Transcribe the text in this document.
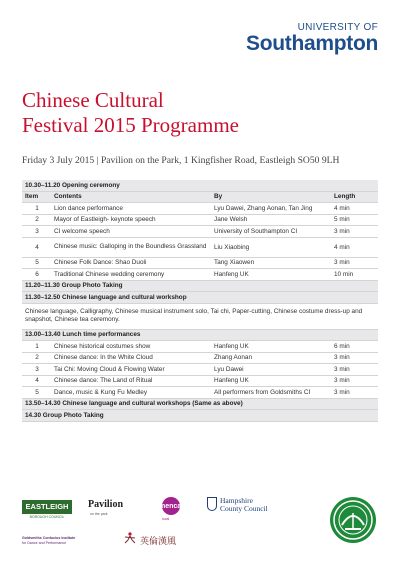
UNIVERSITY OF
Southampton
Chinese Cultural
Festival 2015 Programme
Friday 3 July 2015 | Pavilion on the Park, 1 Kingfisher Road, Eastleigh SO50 9LH
10.30–11.20 Opening ceremony
Item	Contents	By	Length
1	Lion dance performance	Lyu Dawei, Zhang Aonan, Tan Jing	4 min
2	Mayor of Eastleigh- keynote speech	Jane Welsh	5 min
3	CI welcome speech	University of Southampton CI	3 min
4	Chinese music: Galloping in the Boundless Grassland	Liu Xiaobing	4 min
5	Chinese Folk Dance: Shao Duoli	Tang Xiaowen	3 min
6	Traditional Chinese wedding ceremony	Hanfeng UK	10 min
11.20–11.30 Group Photo Taking
11.30–12.50 Chinese language and cultural workshop
Chinese language, Calligraphy, Chinese musical instrument solo, Tai chi, Paper-cutting, Chinese costume dress-up and snapshot, Chinese tea ceremony.
13.00–13.40 Lunch time performances
1	Chinese historical costumes show	Hanfeng UK	6 min
2	Chinese dance: In the White Cloud	Zhang Aonan	3 min
3	Tai Chi: Moving Cloud & Flowing Water	Lyu Dawei	3 min
4	Chinese dance: The Land of Ritual	Hanfeng UK	3 min
5	Dance, music & Kung Fu Medley	All performers from Goldsmiths CI	3 min
13.50–14.30 Chinese language and cultural workshops (Same as above)
14.30 Group Photo Taking
EASTLEIGH
BOROUGH COUNCIL
Pavilion
on the park
mencap
local
Hampshire
County Council
Goldsmiths Confucius Institute
for Dance and Performance	英倫漢風
